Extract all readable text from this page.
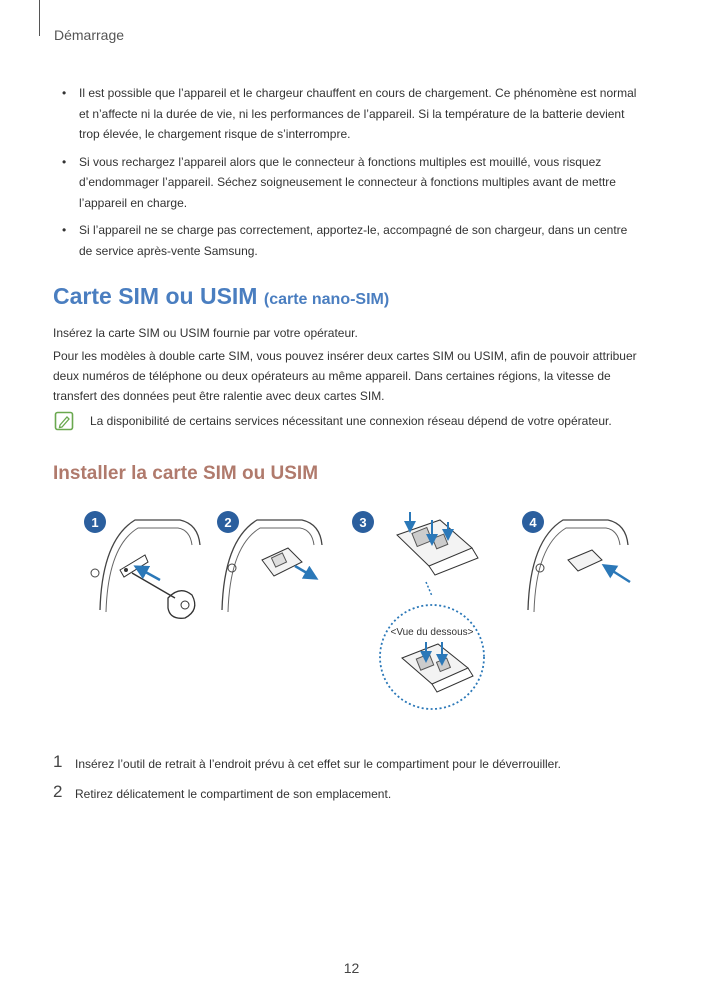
Démarrage
• Il est possible que l’appareil et le chargeur chauffent en cours de chargement. Ce phénomène est normal et n’affecte ni la durée de vie, ni les performances de l’appareil. Si la température de la batterie devient trop élevée, le chargement risque de s’interrompre.
• Si vous rechargez l’appareil alors que le connecteur à fonctions multiples est mouillé, vous risquez d’endommager l’appareil. Séchez soigneusement le connecteur à fonctions multiples avant de mettre l’appareil en charge.
• Si l’appareil ne se charge pas correctement, apportez-le, accompagné de son chargeur, dans un centre de service après-vente Samsung.
Carte SIM ou USIM (carte nano-SIM)

Insérez la carte SIM ou USIM fournie par votre opérateur.

Pour les modèles à double carte SIM, vous pouvez insérer deux cartes SIM ou USIM, afin de pouvoir attribuer deux numéros de téléphone ou deux opérateurs au même appareil. Dans certaines régions, la vitesse de transfert des données peut être ralentie avec deux cartes SIM.

La disponibilité de certains services nécessitant une connexion réseau dépend de votre opérateur.
Installer la carte SIM ou USIM
1	2	3	4
<Vue du dessous>
1 Insérez l’outil de retrait à l’endroit prévu à cet effet sur le compartiment pour le déverrouiller.
2 Retirez délicatement le compartiment de son emplacement.
12
